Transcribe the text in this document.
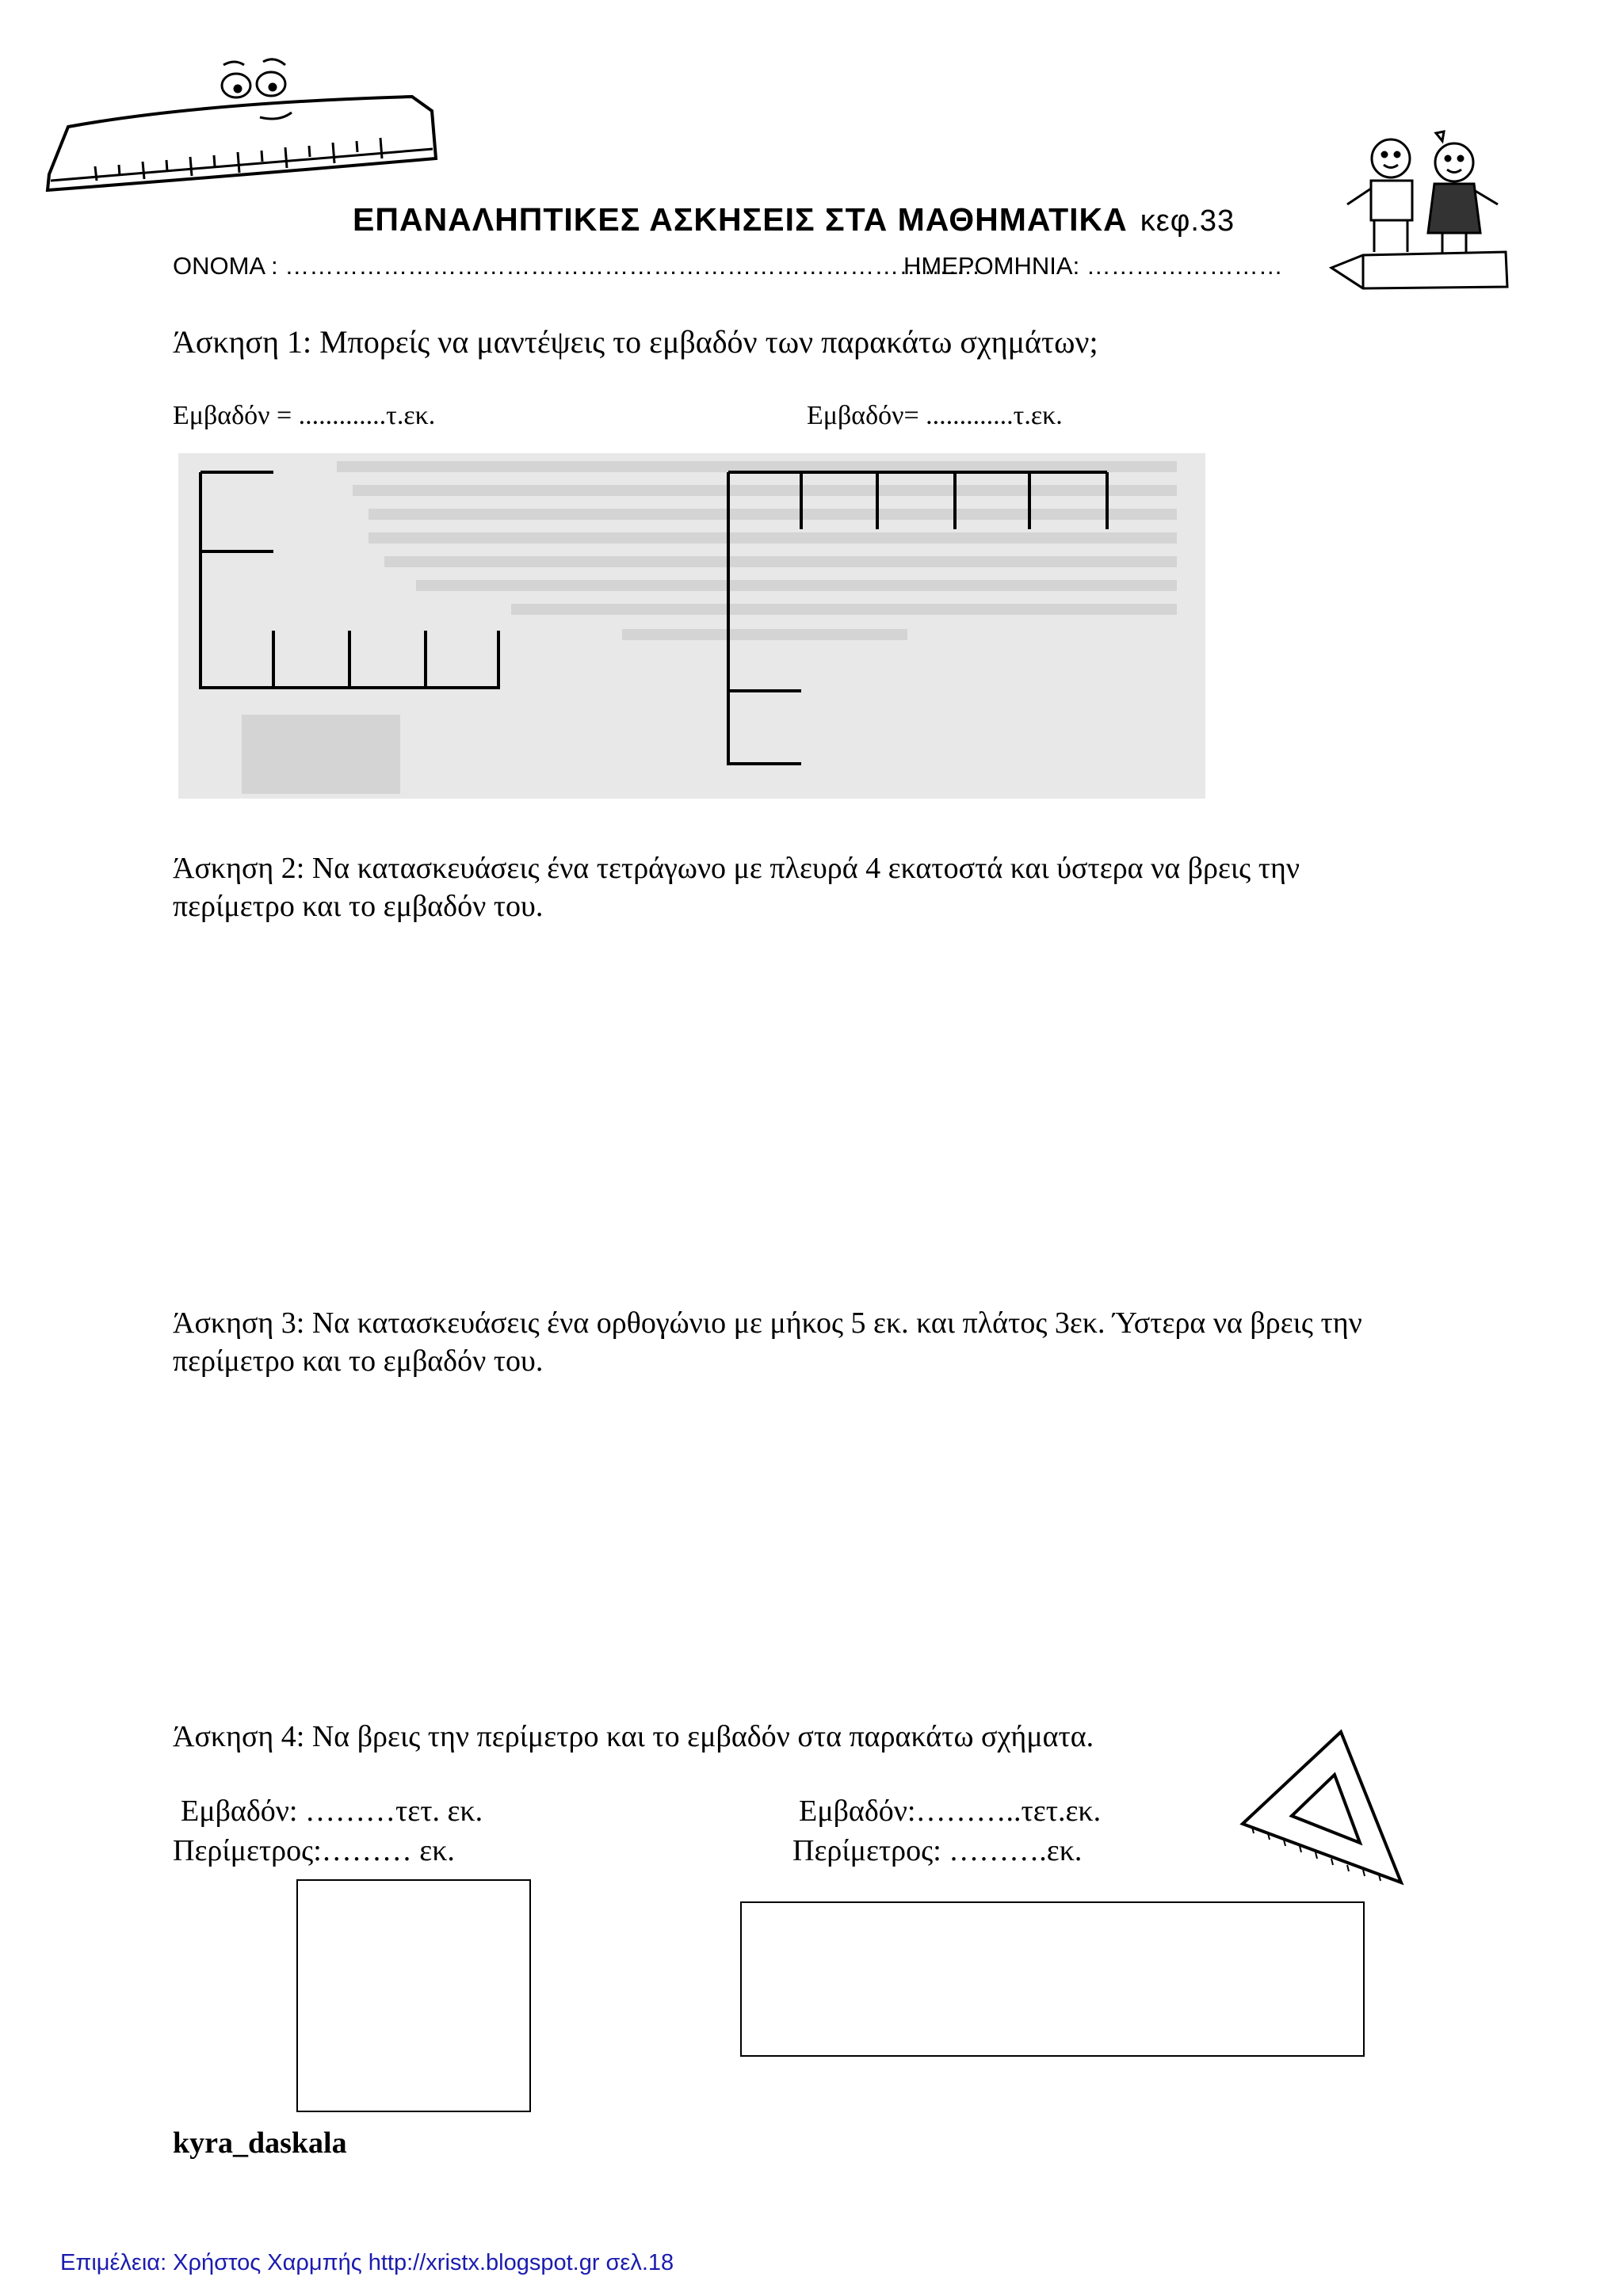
ΕΠΑΝΑΛΗΠΤΙΚΕΣ ΑΣΚΗΣΕΙΣ ΣΤΑ ΜΑΘΗΜΑΤΙΚΑ κεφ.33
ΟΝΟΜΑ : ………………………………………………………………………….
ΗΜΕΡΟΜΗΝΙΑ: ……………………
Άσκηση 1: Μπορείς να μαντέψεις το εμβαδόν των παρακάτω σχημάτων;
Εμβαδόν = .............τ.εκ.	Εμβαδόν= .............τ.εκ.
Άσκηση 2: Να κατασκευάσεις ένα τετράγωνο με πλευρά 4 εκατοστά και ύστερα να βρεις την περίμετρο και το εμβαδόν του.
Άσκηση 3: Να κατασκευάσεις ένα ορθογώνιο με μήκος 5 εκ. και πλάτος 3εκ. Ύστερα να βρεις την περίμετρο και το εμβαδόν του.
Άσκηση 4: Να βρεις την περίμετρο και το εμβαδόν στα παρακάτω σχήματα.
Εμβαδόν: ………τετ. εκ.
Περίμετρος:……… εκ.
Εμβαδόν:………..τετ.εκ.
Περίμετρος: ……….εκ.
kyra_daskala
Επιμέλεια: Χρήστος Χαρμπής http://xristx.blogspot.gr σελ.18
